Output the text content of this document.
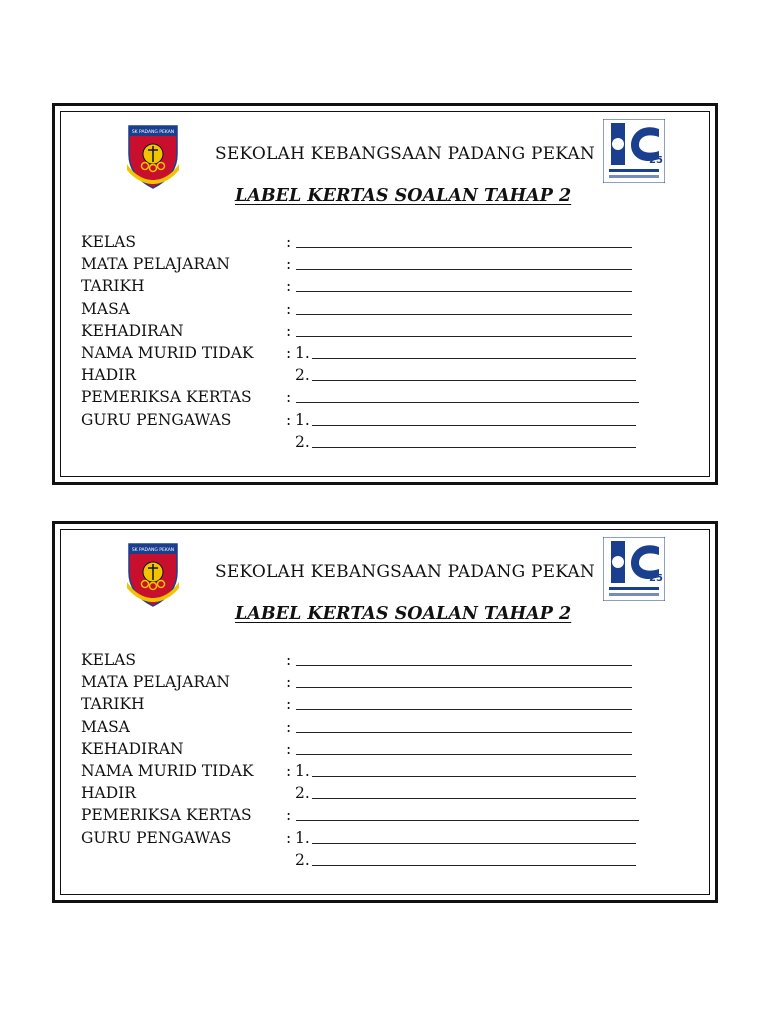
SK PADANG PEKAN
SEKOLAH KEBANGSAAN PADANG PEKAN	25
LABEL KERTAS SOALAN TAHAP 2
KELAS	:
MATA PELAJARAN	:
TARIKH	:
MASA	:
KEHADIRAN	:
NAMA MURID TIDAK : 1.
HADIR	2.
PEMERIKSA KERTAS :
GURU PENGAWAS	: 1.
2.
SK PADANG PEKAN
SEKOLAH KEBANGSAAN PADANG PEKAN	25
LABEL KERTAS SOALAN TAHAP 2
KELAS	:
MATA PELAJARAN	:
TARIKH	:
MASA	:
KEHADIRAN	:
NAMA MURID TIDAK : 1.
HADIR	2.
PEMERIKSA KERTAS :
GURU PENGAWAS	: 1.
2.
